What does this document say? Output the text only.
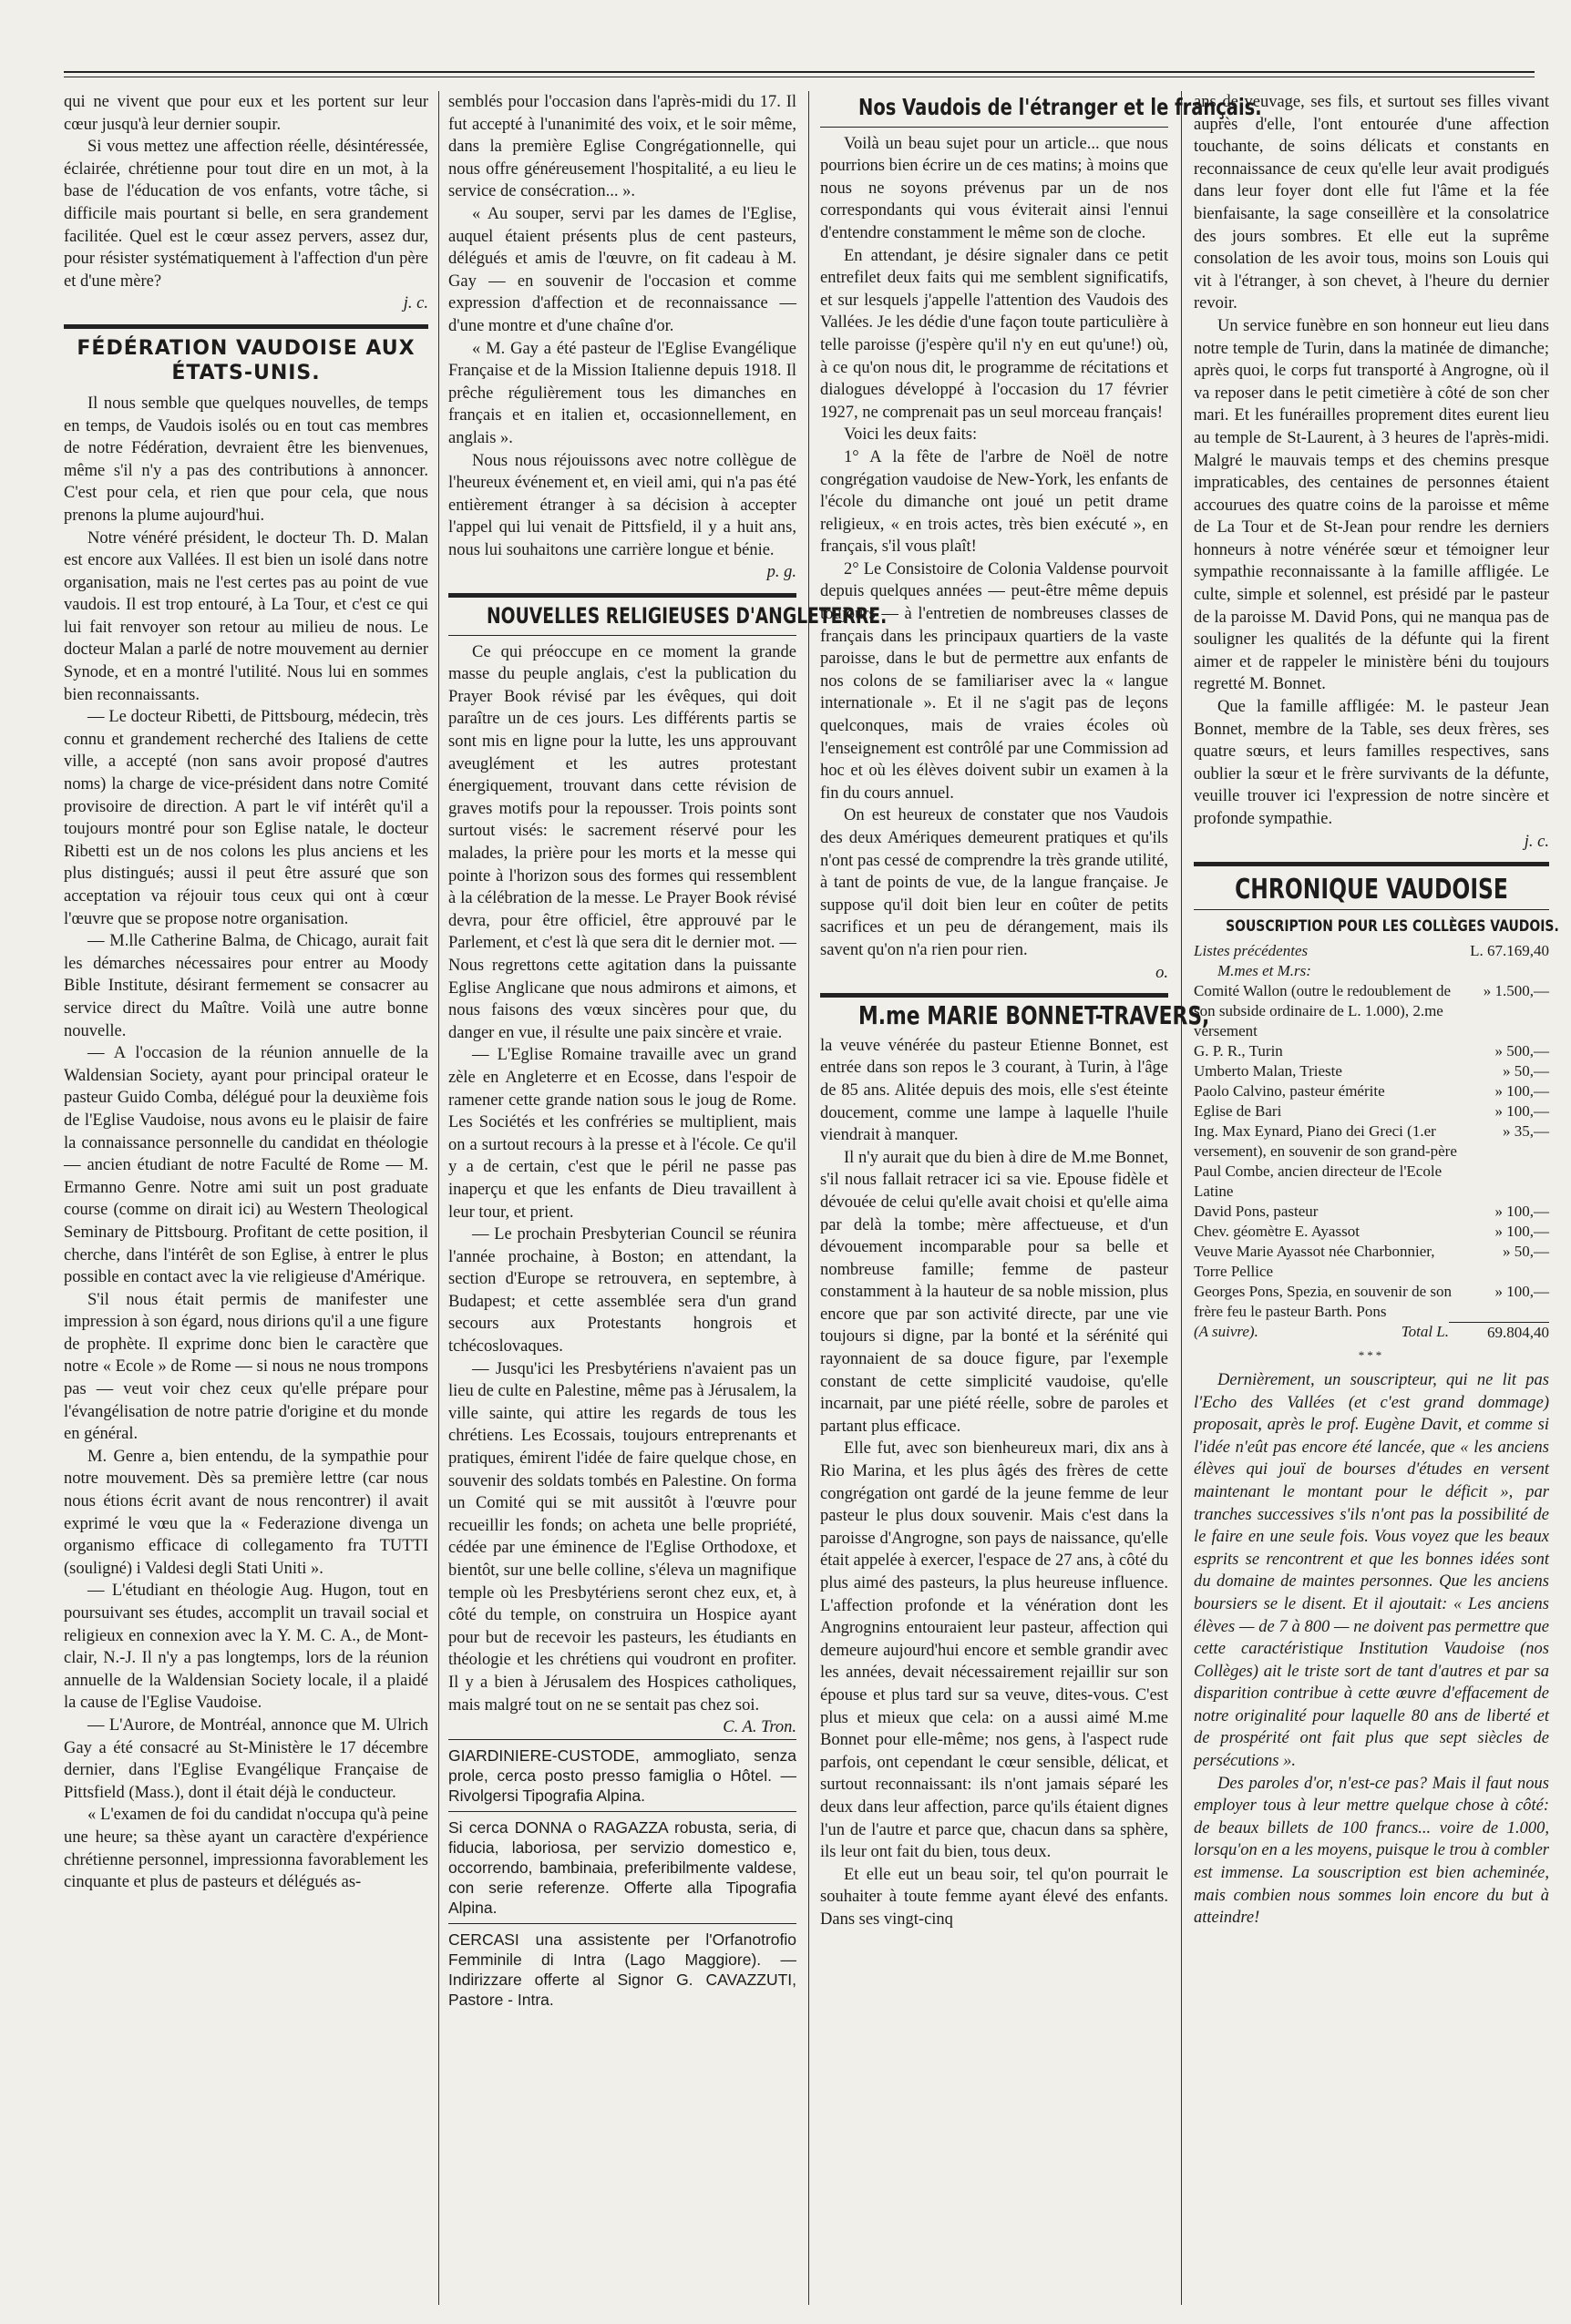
qui ne vivent que pour eux et les portent sur leur cœur jusqu'à leur dernier soupir.

Si vous mettez une affection réelle, désintéressée, éclairée, chrétienne pour tout dire en un mot, à la base de l'éducation de vos enfants, votre tâche, si difficile mais pourtant si belle, en sera grandement facilitée. Quel est le cœur assez pervers, assez dur, pour résister systématiquement à l'affection d'un père et d'une mère?

j. c.

FÉDÉRATION VAUDOISE AUX ÉTATS-UNIS.

Il nous semble que quelques nouvelles, de temps en temps, de Vaudois isolés ou en tout cas membres de notre Fédération, devraient être les bienvenues, même s'il n'y a pas des contributions à annoncer. C'est pour cela, et rien que pour cela, que nous prenons la plume aujourd'hui.

Notre vénéré président, le docteur Th. D. Malan est encore aux Vallées. Il est bien un isolé dans notre organisation, mais ne l'est certes pas au point de vue vaudois. Il est trop entouré, à La Tour, et c'est ce qui lui fait renvoyer son retour au milieu de nous. Le docteur Malan a parlé de notre mouvement au dernier Synode, et en a montré l'utilité. Nous lui en sommes bien reconnaissants.

— Le docteur Ribetti, de Pittsbourg, médecin, très connu et grandement recherché des Italiens de cette ville, a accepté (non sans avoir proposé d'autres noms) la charge de vice-président dans notre Comité provisoire de direction. A part le vif intérêt qu'il a toujours montré pour son Eglise natale, le docteur Ribetti est un de nos colons les plus anciens et les plus distingués; aussi il peut être assuré que son acceptation va réjouir tous ceux qui ont à cœur l'œuvre que se propose notre organisation.

— M.lle Catherine Balma, de Chicago, aurait fait les démarches nécessaires pour entrer au Moody Bible Institute, désirant fermement se consacrer au service direct du Maître. Voilà une autre bonne nouvelle.

— A l'occasion de la réunion annuelle de la Waldensian Society, ayant pour principal orateur le pasteur Guido Comba, délégué pour la deuxième fois de l'Eglise Vaudoise, nous avons eu le plaisir de faire la connaissance personnelle du candidat en théologie — ancien étudiant de notre Faculté de Rome — M. Ermanno Genre. Notre ami suit un post graduate course (comme on dirait ici) au Western Theological Seminary de Pittsbourg. Profitant de cette position, il cherche, dans l'intérêt de son Eglise, à entrer le plus possible en contact avec la vie religieuse d'Amérique.

S'il nous était permis de manifester une impression à son égard, nous dirions qu'il a une figure de prophète. Il exprime donc bien le caractère que notre « Ecole » de Rome — si nous ne nous trompons pas — veut voir chez ceux qu'elle prépare pour l'évangélisation de notre patrie d'origine et du monde en général.

M. Genre a, bien entendu, de la sympathie pour notre mouvement. Dès sa première lettre (car nous nous étions écrit avant de nous rencontrer) il avait exprimé le vœu que la « Federazione divenga un organismo efficace di collegamento fra TUTTI (souligné) i Valdesi degli Stati Uniti ».

— L'étudiant en théologie Aug. Hugon, tout en poursuivant ses études, accomplit un travail social et religieux en connexion avec la Y. M. C. A., de Mont-clair, N.-J. Il n'y a pas longtemps, lors de la réunion annuelle de la Waldensian Society locale, il a plaidé la cause de l'Eglise Vaudoise.

— L'Aurore, de Montréal, annonce que M. Ulrich Gay a été consacré au St-Ministère le 17 décembre dernier, dans l'Eglise Evangélique Française de Pittsfield (Mass.), dont il était déjà le conducteur.

« L'examen de foi du candidat n'occupa qu'à peine une heure; sa thèse ayant un caractère d'expérience chrétienne personnel, impressionna favorablement les cinquante et plus de pasteurs et délégués as-

semblés pour l'occasion dans l'après-midi du 17. Il fut accepté à l'unanimité des voix, et le soir même, dans la première Eglise Congrégationnelle, qui nous offre généreusement l'hospitalité, a eu lieu le service de consécration... ».

« Au souper, servi par les dames de l'Eglise, auquel étaient présents plus de cent pasteurs, délégués et amis de l'œuvre, on fit cadeau à M. Gay — en souvenir de l'occasion et comme expression d'affection et de reconnaissance — d'une montre et d'une chaîne d'or.

« M. Gay a été pasteur de l'Eglise Evangélique Française et de la Mission Italienne depuis 1918. Il prêche régulièrement tous les dimanches en français et en italien et, occasionnellement, en anglais ».

Nous nous réjouissons avec notre collègue de l'heureux événement et, en vieil ami, qui n'a pas été entièrement étranger à sa décision à accepter l'appel qui lui venait de Pittsfield, il y a huit ans, nous lui souhaitons une carrière longue et bénie.

p. g.

NOUVELLES RELIGIEUSES D'ANGLETERRE.

Ce qui préoccupe en ce moment la grande masse du peuple anglais, c'est la publication du Prayer Book révisé par les évêques, qui doit paraître un de ces jours. Les différents partis se sont mis en ligne pour la lutte, les uns approuvant aveuglément et les autres protestant énergiquement, trouvant dans cette révision de graves motifs pour la repousser. Trois points sont surtout visés: le sacrement réservé pour les malades, la prière pour les morts et la messe qui pointe à l'horizon sous des formes qui ressemblent à la célébration de la messe. Le Prayer Book révisé devra, pour être officiel, être approuvé par le Parlement, et c'est là que sera dit le dernier mot. — Nous regrettons cette agitation dans la puissante Eglise Anglicane que nous admirons et aimons, et nous faisons des vœux sincères pour que, du danger en vue, il résulte une paix sincère et vraie.

— L'Eglise Romaine travaille avec un grand zèle en Angleterre et en Ecosse, dans l'espoir de ramener cette grande nation sous le joug de Rome. Les Sociétés et les confréries se multiplient, mais on a surtout recours à la presse et à l'école. Ce qu'il y a de certain, c'est que le péril ne passe pas inaperçu et que les enfants de Dieu travaillent à leur tour, et prient.

— Le prochain Presbyterian Council se réunira l'année prochaine, à Boston; en attendant, la section d'Europe se retrouvera, en septembre, à Budapest; et cette assemblée sera d'un grand secours aux Protestants hongrois et tchécoslovaques.

— Jusqu'ici les Presbytériens n'avaient pas un lieu de culte en Palestine, même pas à Jérusalem, la ville sainte, qui attire les regards de tous les chrétiens. Les Ecossais, toujours entreprenants et pratiques, émirent l'idée de faire quelque chose, en souvenir des soldats tombés en Palestine. On forma un Comité qui se mit aussitôt à l'œuvre pour recueillir les fonds; on acheta une belle propriété, cédée par une éminence de l'Eglise Orthodoxe, et bientôt, sur une belle colline, s'éleva un magnifique temple où les Presbytériens seront chez eux, et, à côté du temple, on construira un Hospice ayant pour but de recevoir les pasteurs, les étudiants en théologie et les chrétiens qui voudront en profiter. Il y a bien à Jérusalem des Hospices catholiques, mais malgré tout on ne se sentait pas chez soi.

C. A. Tron.

GIARDINIERE-CUSTODE, ammogliato, senza prole, cerca posto presso famiglia o Hôtel. — Rivolgersi Tipografia Alpina.
Si cerca DONNA o RAGAZZA robusta, seria, di fiducia, laboriosa, per servizio domestico e, occorrendo, bambinaia, preferibilmente valdese, con serie referenze. Offerte alla Tipografia Alpina.
CERCASI una assistente per l'Orfanotrofio Femminile di Intra (Lago Maggiore). — Indirizzare offerte al Signor G. CAVAZZUTI, Pastore - Intra.
Nos Vaudois de l'étranger et le français.

Voilà un beau sujet pour un article... que nous pourrions bien écrire un de ces matins; à moins que nous ne soyons prévenus par un de nos correspondants qui vous éviterait ainsi l'ennui d'entendre constamment le même son de cloche.

En attendant, je désire signaler dans ce petit entrefilet deux faits qui me semblent significatifs, et sur lesquels j'appelle l'attention des Vaudois des Vallées. Je les dédie d'une façon toute particulière à telle paroisse (j'espère qu'il n'y en eut qu'une!) où, à ce qu'on nous dit, le programme de récitations et dialogues développé à l'occasion du 17 février 1927, ne comprenait pas un seul morceau français!

Voici les deux faits:

1° A la fête de l'arbre de Noël de notre congrégation vaudoise de New-York, les enfants de l'école du dimanche ont joué un petit drame religieux, « en trois actes, très bien exécuté », en français, s'il vous plaît!

2° Le Consistoire de Colonia Valdense pourvoit depuis quelques années — peut-être même depuis toujours — à l'entretien de nombreuses classes de français dans les principaux quartiers de la vaste paroisse, dans le but de permettre aux enfants de nos colons de se familiariser avec la « langue internationale ». Et il ne s'agit pas de leçons quelconques, mais de vraies écoles où l'enseignement est contrôlé par une Commission ad hoc et où les élèves doivent subir un examen à la fin du cours annuel.

On est heureux de constater que nos Vaudois des deux Amériques demeurent pratiques et qu'ils n'ont pas cessé de comprendre la très grande utilité, à tant de points de vue, de la langue française. Je suppose qu'il doit bien leur en coûter de petits sacrifices et un peu de dérangement, mais ils savent qu'on n'a rien pour rien.

o.

M.me MARIE BONNET-TRAVERS,

la veuve vénérée du pasteur Etienne Bonnet, est entrée dans son repos le 3 courant, à Turin, à l'âge de 85 ans. Alitée depuis des mois, elle s'est éteinte doucement, comme une lampe à laquelle l'huile viendrait à manquer.

Il n'y aurait que du bien à dire de M.me Bonnet, s'il nous fallait retracer ici sa vie. Epouse fidèle et dévouée de celui qu'elle avait choisi et qu'elle aima par delà la tombe; mère affectueuse, et d'un dévouement incomparable pour sa belle et nombreuse famille; femme de pasteur constamment à la hauteur de sa noble mission, plus encore que par son activité directe, par une vie toujours si digne, par la bonté et la sérénité qui rayonnaient de sa douce figure, par l'exemple constant de cette simplicité vaudoise, qu'elle incarnait, par une piété réelle, sobre de paroles et partant plus efficace.

Elle fut, avec son bienheureux mari, dix ans à Rio Marina, et les plus âgés des frères de cette congrégation ont gardé de la jeune femme de leur pasteur le plus doux souvenir. Mais c'est dans la paroisse d'Angrogne, son pays de naissance, qu'elle était appelée à exercer, l'espace de 27 ans, à côté du plus aimé des pasteurs, la plus heureuse influence. L'affection profonde et la vénération dont les Angrognins entouraient leur pasteur, affection qui demeure aujourd'hui encore et semble grandir avec les années, devait nécessairement rejaillir sur son épouse et plus tard sur sa veuve, dites-vous. C'est plus et mieux que cela: on a aussi aimé M.me Bonnet pour elle-même; nos gens, à l'aspect rude parfois, ont cependant le cœur sensible, délicat, et surtout reconnaissant: ils n'ont jamais séparé les deux dans leur affection, parce qu'ils étaient dignes l'un de l'autre et parce que, chacun dans sa sphère, ils leur ont fait du bien, tous deux.

Et elle eut un beau soir, tel qu'on pourrait le souhaiter à toute femme ayant élevé des enfants. Dans ses vingt-cinq

ans de veuvage, ses fils, et surtout ses filles vivant auprès d'elle, l'ont entourée d'une affection touchante, de soins délicats et constants en reconnaissance de ceux qu'elle leur avait prodigués dans leur foyer dont elle fut l'âme et la fée bienfaisante, la sage conseillère et la consolatrice des jours sombres. Et elle eut la suprême consolation de les avoir tous, moins son Louis qui vit à l'étranger, à son chevet, à l'heure du dernier revoir.

Un service funèbre en son honneur eut lieu dans notre temple de Turin, dans la matinée de dimanche; après quoi, le corps fut transporté à Angrogne, où il va reposer dans le petit cimetière à côté de son cher mari. Et les funérailles proprement dites eurent lieu au temple de St-Laurent, à 3 heures de l'après-midi. Malgré le mauvais temps et des chemins presque impraticables, des centaines de personnes étaient accourues des quatre coins de la paroisse et même de La Tour et de St-Jean pour rendre les derniers honneurs à notre vénérée sœur et témoigner leur sympathie reconnaissante à la famille affligée. Le culte, simple et solennel, est présidé par le pasteur de la paroisse M. David Pons, qui ne manqua pas de souligner les qualités de la défunte qui la firent aimer et de rappeler le ministère béni du toujours regretté M. Bonnet.

Que la famille affligée: M. le pasteur Jean Bonnet, membre de la Table, ses deux frères, ses quatre sœurs, et leurs familles respectives, sans oublier la sœur et le frère survivants de la défunte, veuille trouver ici l'expression de notre sincère et profonde sympathie.

j. c.

CHRONIQUE VAUDOISE
SOUSCRIPTION POUR LES COLLÈGES VAUDOIS.
Listes précédentes	L. 67.169,40
M.mes et M.rs:
Comité Wallon (outre le redoublement de son subside ordinaire de L. 1.000), 2.me versement
» 1.500,—
G. P. R., Turin	» 500,—
Umberto Malan, Trieste	» 50,—
Paolo Calvino, pasteur émérite	» 100,—
Eglise de Bari	» 100,—
Ing. Max Eynard, Piano dei Greci (1.er versement), en souvenir de son grand-père Paul Combe, ancien directeur de l'Ecole Latine
» 35,—
David Pons, pasteur	» 100,—
Chev. géomètre E. Ayassot	» 100,—
Veuve Marie Ayassot née Charbonnier, Torre Pellice
» 50,—
Georges Pons, Spezia, en souvenir de son frère feu le pasteur Barth. Pons
» 100,—
(A suivre).	Total L.	69.804,40
***

Dernièrement, un souscripteur, qui ne lit pas l'Echo des Vallées (et c'est grand dommage) proposait, après le prof. Eugène Davit, et comme si l'idée n'eût pas encore été lancée, que « les anciens élèves qui jouï de bourses d'études en versent maintenant le montant pour le déficit », par tranches successives s'ils n'ont pas la possibilité de le faire en une seule fois. Vous voyez que les beaux esprits se rencontrent et que les bonnes idées sont du domaine de maintes personnes. Que les anciens boursiers se le disent. Et il ajoutait: « Les anciens élèves — de 7 à 800 — ne doivent pas permettre que cette caractéristique Institution Vaudoise (nos Collèges) ait le triste sort de tant d'autres et par sa disparition contribue à cette œuvre d'effacement de notre originalité pour laquelle 80 ans de liberté et de prospérité ont fait plus que sept siècles de persécutions ».

Des paroles d'or, n'est-ce pas? Mais il faut nous employer tous à leur mettre quelque chose à côté: de beaux billets de 100 francs... voire de 1.000, lorsqu'on en a les moyens, puisque le trou à combler est immense. La souscription est bien acheminée, mais combien nous sommes loin encore du but à atteindre!
